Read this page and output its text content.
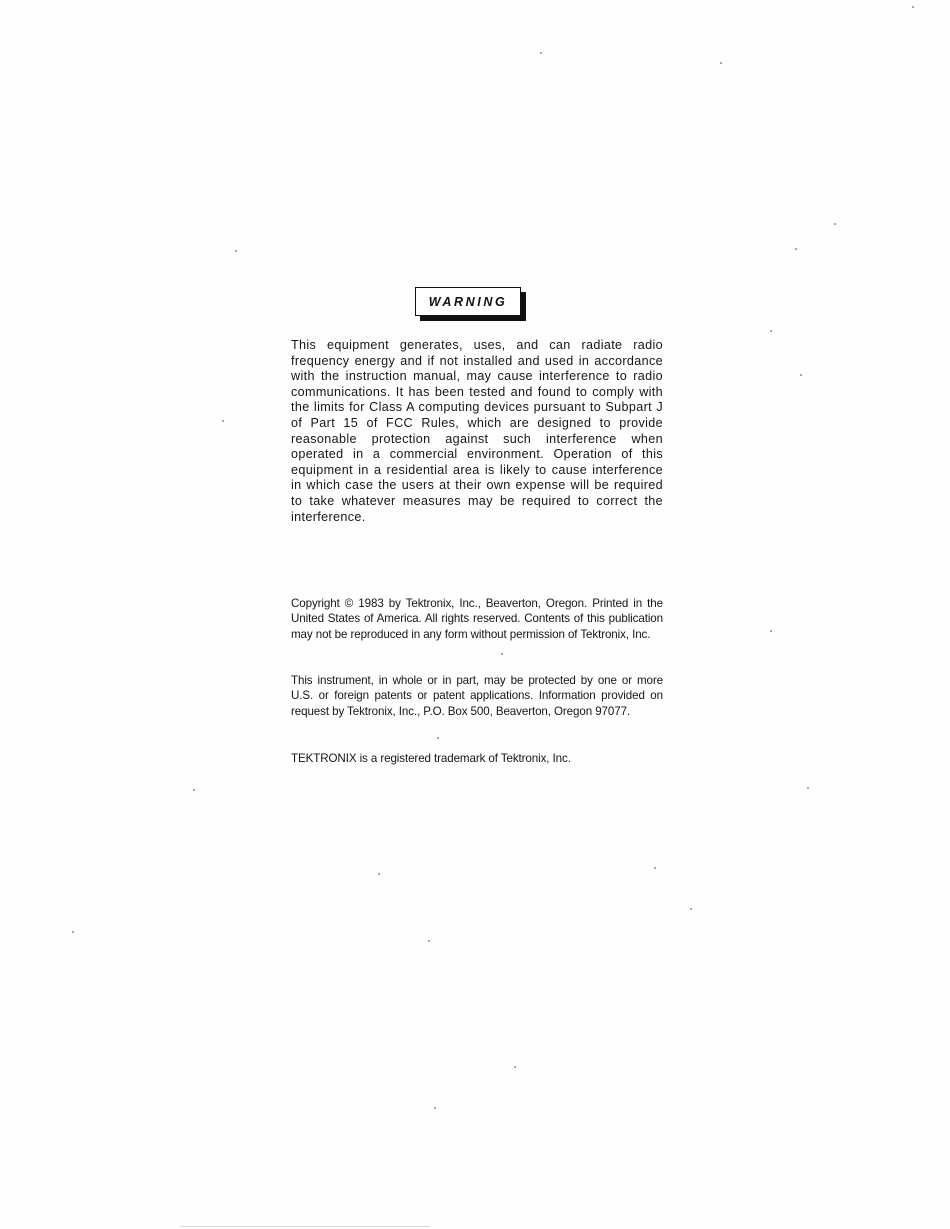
WARNING

This equipment generates, uses, and can radiate radio frequency energy and if not installed and used in accordance with the instruction manual, may cause interference to radio communications. It has been tested and found to comply with the limits for Class A computing devices pursuant to Subpart J of Part 15 of FCC Rules, which are designed to provide reasonable protection against such interference when operated in a commercial environment. Operation of this equipment in a residential area is likely to cause interference in which case the users at their own expense will be required to take whatever measures may be required to correct the interference.

Copyright © 1983 by Tektronix, Inc., Beaverton, Oregon. Printed in the United States of America. All rights reserved. Contents of this publication may not be reproduced in any form without permission of Tektronix, Inc.

This instrument, in whole or in part, may be protected by one or more U.S. or foreign patents or patent applications. Information provided on request by Tektronix, Inc., P.O. Box 500, Beaverton, Oregon 97077.

TEKTRONIX is a registered trademark of Tektronix, Inc.
